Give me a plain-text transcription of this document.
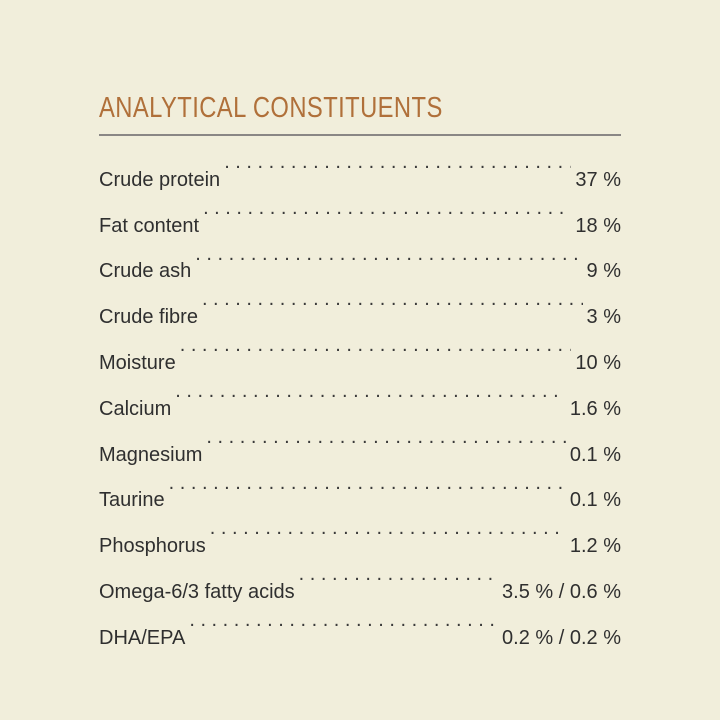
ANALYTICAL CONSTITUENTS
Crude protein . . .	37 %
Fat content . . .	18 %
Crude ash . . .	9 %
Crude fibre . . .	3 %
Moisture . . .	10 %
Calcium . . .	1.6 %
Magnesium . . .	0.1 %
Taurine . . .	0.1 %
Phosphorus . . .	1.2 %
Omega-6/3 fatty acids . . .	3.5 % / 0.6 %
DHA/EPA . . .	0.2 % / 0.2 %
